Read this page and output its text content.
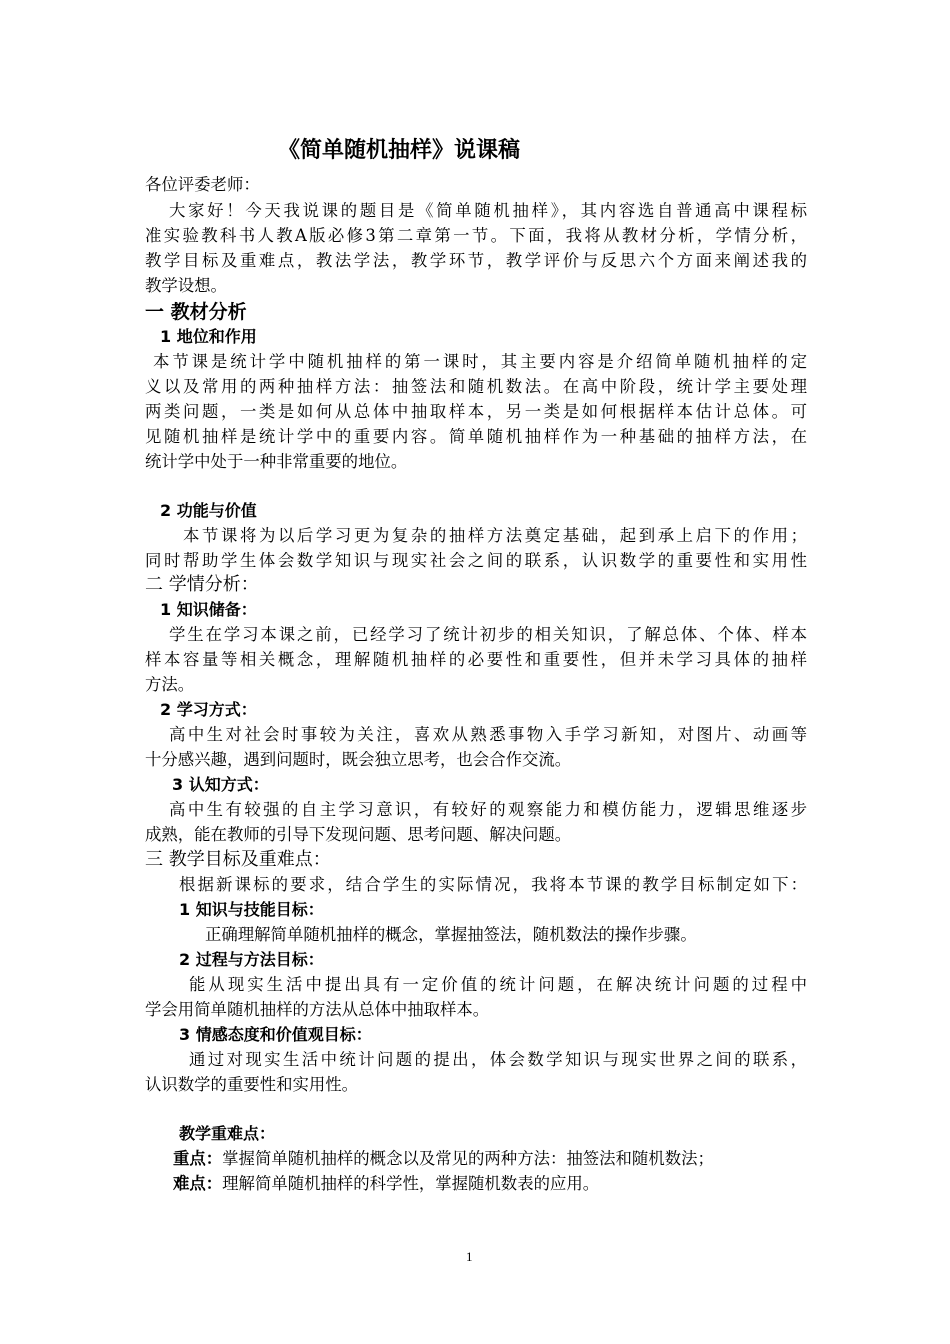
《简单随机抽样》说课稿
各位评委老师：
大家好！今天我说课的题目是《简单随机抽样》，其内容选自普通高中课程标
准实验教科书人教A版必修3第二章第一节。下面，我将从教材分析，学情分析，
教学目标及重难点，教法学法，教学环节，教学评价与反思六个方面来阐述我的
教学设想。
一 教材分析
1 地位和作用
本节课是统计学中随机抽样的第一课时，其主要内容是介绍简单随机抽样的定
义以及常用的两种抽样方法：抽签法和随机数法。在高中阶段，统计学主要处理
两类问题，一类是如何从总体中抽取样本，另一类是如何根据样本估计总体。可
见随机抽样是统计学中的重要内容。简单随机抽样作为一种基础的抽样方法，在
统计学中处于一种非常重要的地位。
2 功能与价值
本节课将为以后学习更为复杂的抽样方法奠定基础，起到承上启下的作用；
同时帮助学生体会数学知识与现实社会之间的联系，认识数学的重要性和实用性
二 学情分析：
1 知识储备：
学生在学习本课之前，已经学习了统计初步的相关知识，了解总体、个体、样本
样本容量等相关概念，理解随机抽样的必要性和重要性，但并未学习具体的抽样
方法。
2 学习方式：
高中生对社会时事较为关注，喜欢从熟悉事物入手学习新知，对图片、动画等
十分感兴趣，遇到问题时，既会独立思考，也会合作交流。
3 认知方式：
高中生有较强的自主学习意识，有较好的观察能力和模仿能力，逻辑思维逐步
成熟，能在教师的引导下发现问题、思考问题、解决问题。
三 教学目标及重难点：
根据新课标的要求，结合学生的实际情况，我将本节课的教学目标制定如下：
1 知识与技能目标：
正确理解简单随机抽样的概念，掌握抽签法，随机数法的操作步骤。
2 过程与方法目标：
能从现实生活中提出具有一定价值的统计问题，在解决统计问题的过程中
学会用简单随机抽样的方法从总体中抽取样本。
3 情感态度和价值观目标：
通过对现实生活中统计问题的提出，体会数学知识与现实世界之间的联系，
认识数学的重要性和实用性。
教学重难点：
重点：掌握简单随机抽样的概念以及常见的两种方法：抽签法和随机数法；
难点：理解简单随机抽样的科学性，掌握随机数表的应用。
1
